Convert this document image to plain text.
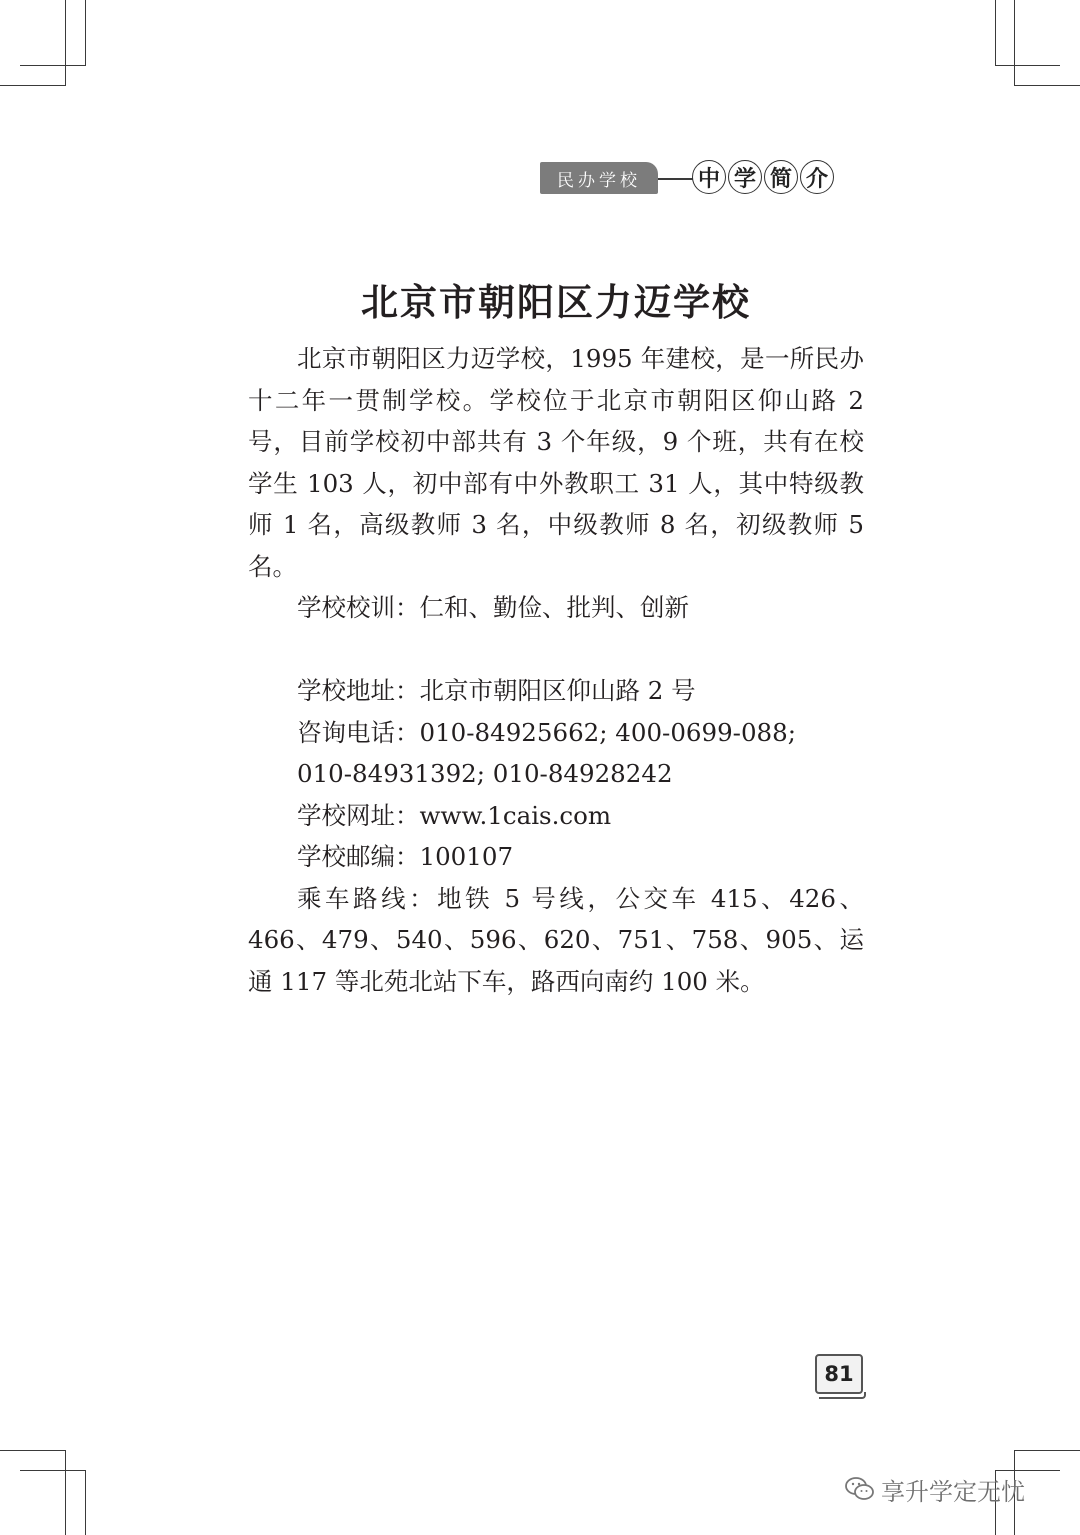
民办学校	中 学 简 介
北京市朝阳区力迈学校

北京市朝阳区力迈学校，1995 年建校，是一所民办十二年一贯制学校。学校位于北京市朝阳区仰山路 2 号，目前学校初中部共有 3 个年级，9 个班，共有在校学生 103 人，初中部有中外教职工 31 人，其中特级教师 1 名，高级教师 3 名，中级教师 8 名，初级教师 5 名。

学校校训：仁和、勤俭、批判、创新

学校地址：北京市朝阳区仰山路 2 号

咨询电话：010-84925662; 400-0699-088;

010-84931392; 010-84928242

学校网址：www.1cais.com

学校邮编：100107

乘车路线：地铁 5 号线，公交车 415、426、466、479、540、596、620、751、758、905、运通 117 等北苑北站下车，路西向南约 100 米。

81
享升学定无忧
